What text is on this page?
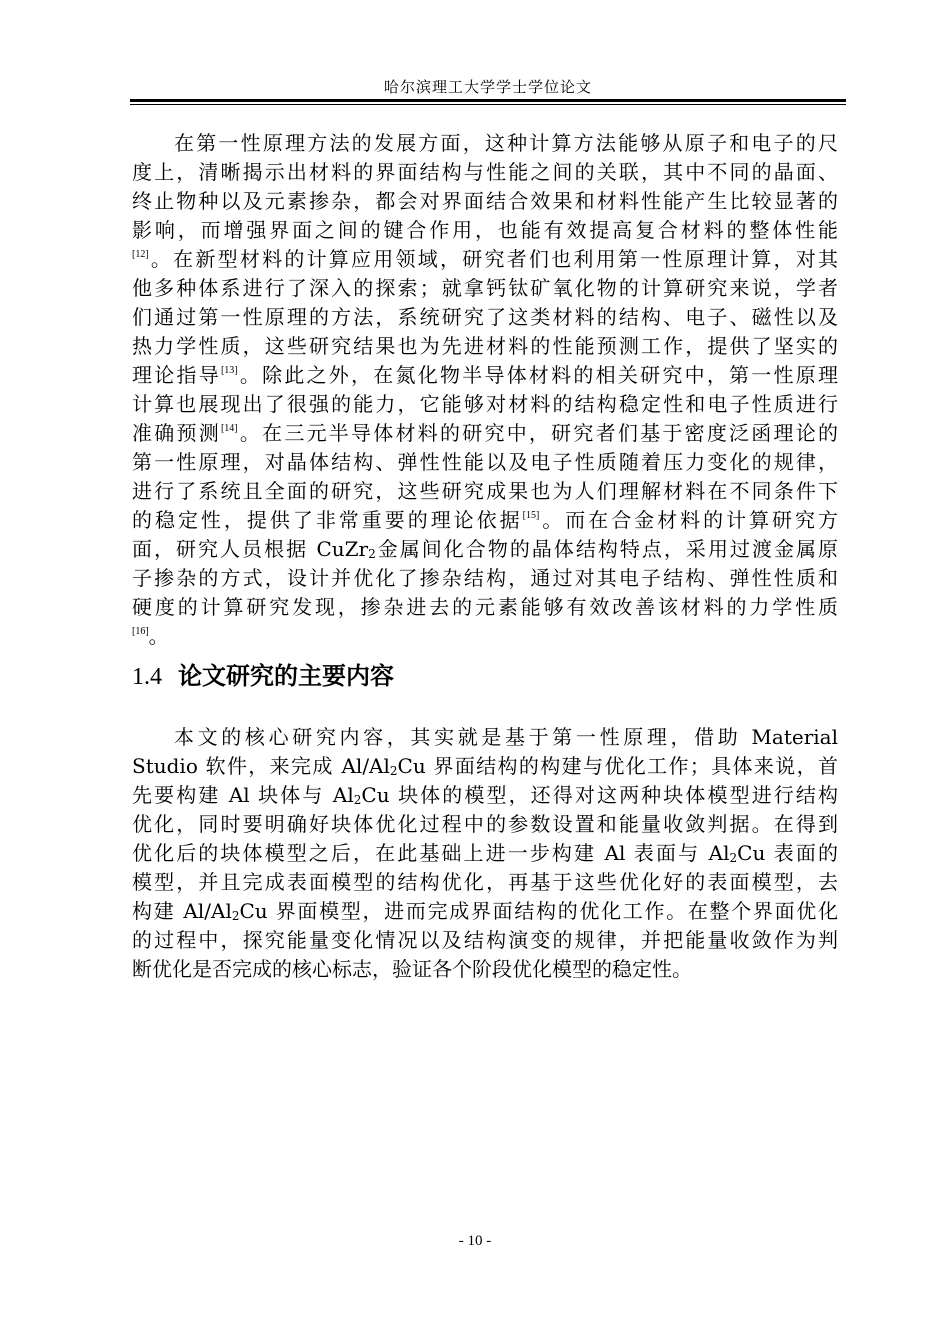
哈尔滨理工大学学士学位论文
在第一性原理方法的发展方面，这种计算方法能够从原子和电子的尺
度上，清晰揭示出材料的界面结构与性能之间的关联，其中不同的晶面、
终止物种以及元素掺杂，都会对界面结合效果和材料性能产生比较显著的
影响，而增强界面之间的键合作用，也能有效提高复合材料的整体性能
[12]。在新型材料的计算应用领域，研究者们也利用第一性原理计算，对其
他多种体系进行了深入的探索；就拿钙钛矿氧化物的计算研究来说，学者
们通过第一性原理的方法，系统研究了这类材料的结构、电子、磁性以及
热力学性质，这些研究结果也为先进材料的性能预测工作，提供了坚实的
理论指导[13]。除此之外，在氮化物半导体材料的相关研究中，第一性原理
计算也展现出了很强的能力，它能够对材料的结构稳定性和电子性质进行
准确预测[14]。在三元半导体材料的研究中，研究者们基于密度泛函理论的
第一性原理，对晶体结构、弹性性能以及电子性质随着压力变化的规律，
进行了系统且全面的研究，这些研究成果也为人们理解材料在不同条件下
的稳定性，提供了非常重要的理论依据[15]。而在合金材料的计算研究方
面，研究人员根据 CuZr$_2$金属间化合物的晶体结构特点，采用过渡金属原
子掺杂的方式，设计并优化了掺杂结构，通过对其电子结构、弹性性质和
硬度的计算研究发现，掺杂进去的元素能够有效改善该材料的力学性质
[16]。
1.4 论文研究的主要内容
本文的核心研究内容，其实就是基于第一性原理，借助 Material
Studio 软件，来完成 $Al/Al_2Cu$ 界面结构的构建与优化工作；具体来说，首
先要构建 Al 块体与 $Al_2Cu$ 块体的模型，还得对这两种块体模型进行结构
优化，同时要明确好块体优化过程中的参数设置和能量收敛判据。在得到
优化后的块体模型之后，在此基础上进一步构建 Al 表面与 $Al_2Cu$ 表面的
模型，并且完成表面模型的结构优化，再基于这些优化好的表面模型，去
构建 $Al/Al_2Cu$ 界面模型，进而完成界面结构的优化工作。在整个界面优化
的过程中，探究能量变化情况以及结构演变的规律，并把能量收敛作为判
断优化是否完成的核心标志，验证各个阶段优化模型的稳定性。
- 10 -
